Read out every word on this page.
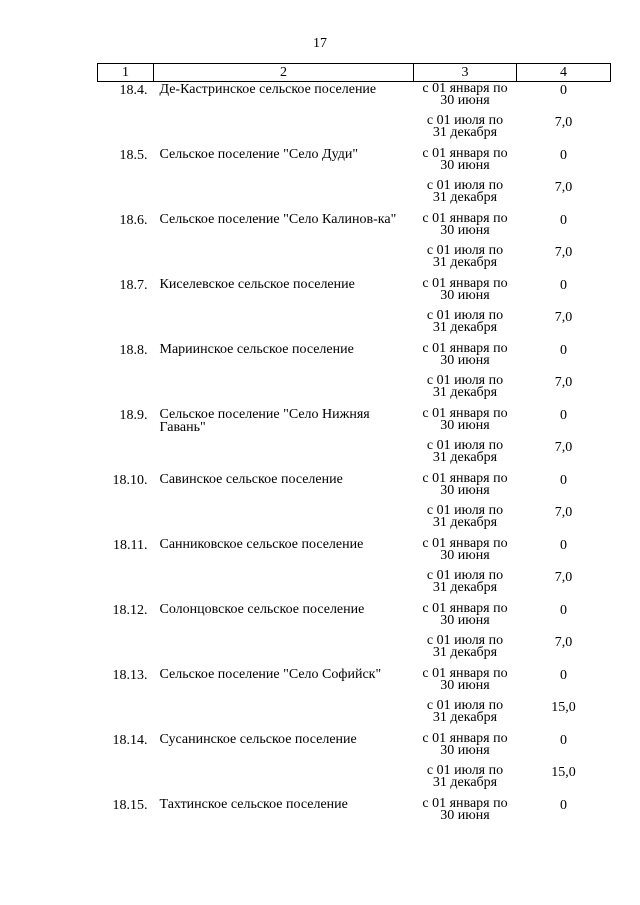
17
1	2	3	4
18.4.	Де-Кастринское сельское поселение	с 01 января по
30 июня	0

		с 01 июля по
31 декабря	7,0
18.5.	Сельское поселение "Село Дуди"	с 01 января по
30 июня	0

		с 01 июля по
31 декабря	7,0
18.6.	Сельское поселение "Село Калинов-ка"	с 01 января по
30 июня	0

		с 01 июля по
31 декабря	7,0
18.7.	Киселевское сельское поселение	с 01 января по
30 июня	0

		с 01 июля по
31 декабря	7,0
18.8.	Мариинское сельское поселение	с 01 января по
30 июня	0

		с 01 июля по
31 декабря	7,0
18.9.	Сельское поселение "Село Нижняя Гавань"	с 01 января по
30 июня	0

		с 01 июля по
31 декабря	7,0
18.10.	Савинское сельское поселение	с 01 января по
30 июня	0

		с 01 июля по
31 декабря	7,0
18.11.	Санниковское сельское поселение	с 01 января по
30 июня	0

		с 01 июля по
31 декабря	7,0
18.12.	Солонцовское сельское поселение	с 01 января по
30 июня	0

		с 01 июля по
31 декабря	7,0
18.13.	Сельское поселение "Село Софийск"	с 01 января по
30 июня	0

		с 01 июля по
31 декабря	15,0
18.14.	Сусанинское сельское поселение	с 01 января по
30 июня	0

		с 01 июля по
31 декабря	15,0
18.15.	Тахтинское сельское поселение	с 01 января по
30 июня	0
